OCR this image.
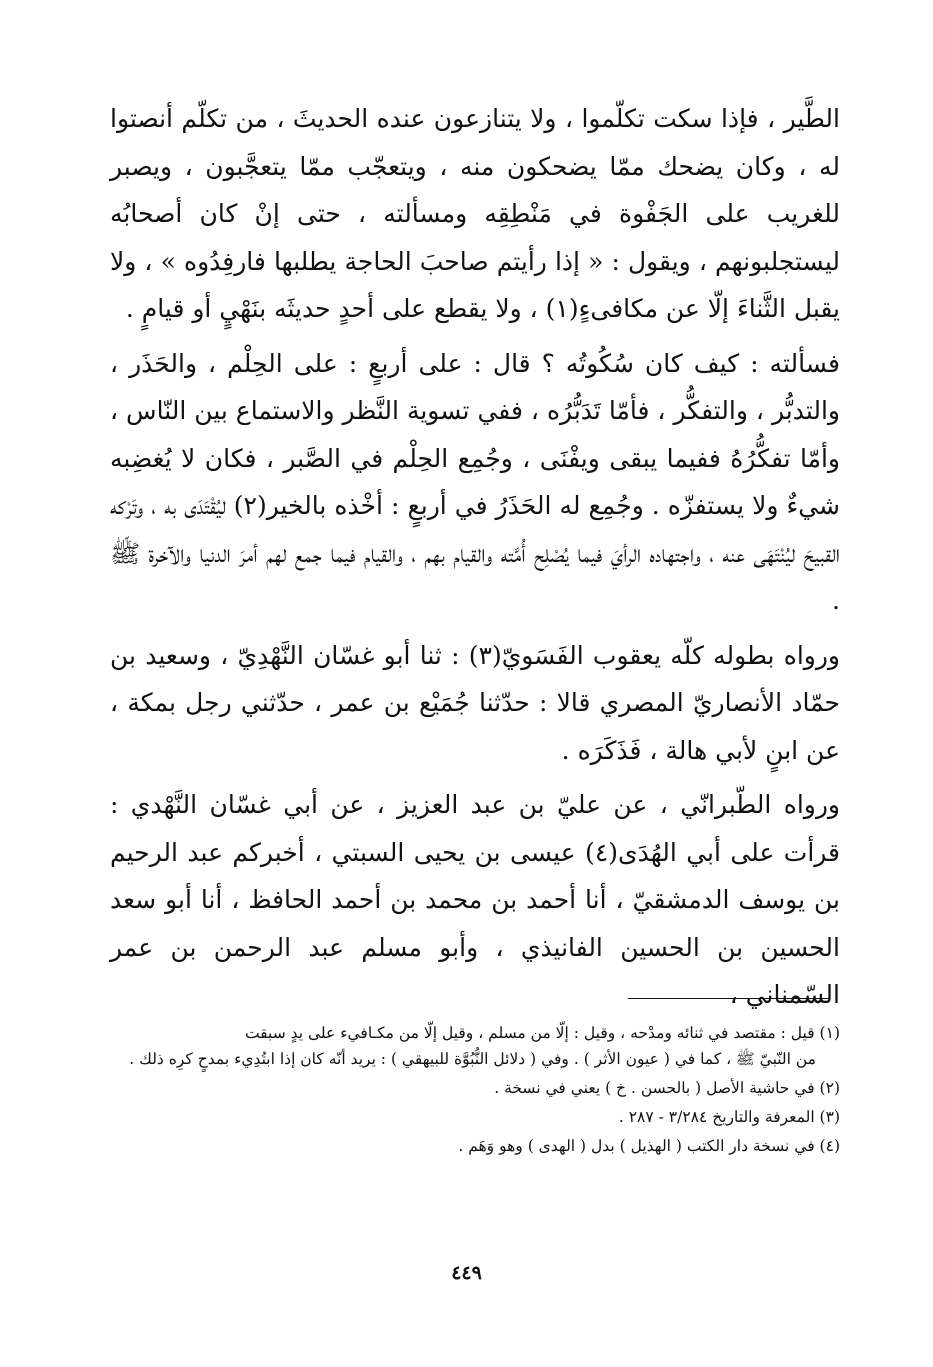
الطَّير ، فإذا سكت تكلّموا ، ولا يتنازعون عنده الحديثَ ، من تكلّم أنصتوا له ، وكان يضحك ممّا يضحكون منه ، ويتعجّب ممّا يتعجَّبون ، ويصبر للغريب على الجَفْوة في مَنْطِقِه ومسألته ، حتى إنْ كان أصحابُه ليستجلبونهم ، ويقول : « إذا رأيتم صاحبَ الحاجة يطلبها فارفِدُوه » ، ولا يقبل الثَّناءَ إلّا عن مكافىءٍ(١) ، ولا يقطع على أحدٍ حديثَه بنَهْيٍ أو قيامٍ .

فسألته : كيف كان سُكُوتُه ؟ قال : على أربعٍ : على الحِلْم ، والحَذَر ، والتدبُّر ، والتفكُّر ، فأمّا تَدَبُّرُه ، ففي تسوية النَّظر والاستماع بين النّاس ، وأمّا تفكُّرُهُ ففيما يبقى ويفْنَى ، وجُمِع الحِلْم في الصَّبر ، فكان لا يُغضِبه شيءٌ ولا يستفزّه . وجُمِع له الحَذَرُ في أربعٍ : أخْذه بالخير(٢) ليُقْتَدَى به ، وتَرْكه القبيحَ ليُنْتَهَى عنه ، واجتهاده الرأيَ فيما يُصْلِح أُمَّته والقيام بهم ، والقيام فيما جمع لهم أمرَ الدنيا والآخرة ﷺ .

ورواه بطوله كلّه يعقوب الفَسَويّ(٣) : ثنا أبو غسّان النَّهْدِيّ ، وسعيد بن حمّاد الأنصاريّ المصري قالا : حدّثنا جُمَيْع بن عمر ، حدّثني رجل بمكة ، عن ابنٍ لأبي هالة ، فَذَكَرَه .

ورواه الطّبرانّي ، عن عليّ بن عبد العزيز ، عن أبي غسّان النَّهْدي : قرأت على أبي الهُدَى(٤) عيسى بن يحيى السبتي ، أخبركم عبد الرحيم بن يوسف الدمشقيّ ، أنا أحمد بن محمد بن أحمد الحافظ ، أنا أبو سعد الحسين بن الحسين الفانيذي ، وأبو مسلم عبد الرحمن بن عمر السّمناني ،

(١) قيل : مقتصد في ثنائه ومدْحه ، وقيل : إلّا من مسلم ، وقيل إلّا من مكـافيء على يدٍ سبقت
من النّبيّ ﷺ ، كما في ( عيون الأثر ) . وفي ( دلائل النُّبُوَّة للبيهقي ) : يريد أنّه كان إذا ابتُدِيء بمدحٍ كرِه ذلك .

(٢) في حاشية الأصل ( بالحسن . خ ) يعني في نسخة .

(٣) المعرفة والتاريخ ٣/٢٨٤ - ٢٨٧ .

(٤) في نسخة دار الكتب ( الهذيل ) بدل ( الهدى ) وهو وَهَم .

٤٤٩
